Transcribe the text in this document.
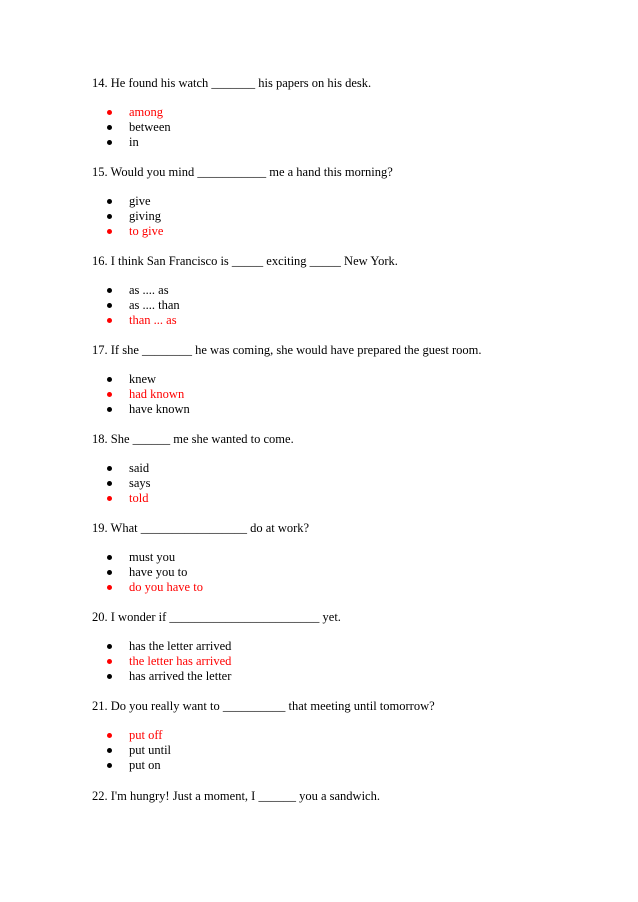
14. He found his watch _______ his papers on his desk.
among
between
in
15. Would you mind ___________ me a hand this morning?
give
giving
to give
16. I think San Francisco is _____ exciting _____ New York.
as .... as
as .... than
than ... as
17. If she ________ he was coming, she would have prepared the guest room.
knew
had known
have known
18. She ______ me she wanted to come.
said
says
told
19. What _________________ do at work?
must you
have you to
do you have to
20. I wonder if ________________________ yet.
has the letter arrived
the letter has arrived
has arrived the letter
21. Do you really want to __________ that meeting until tomorrow?
put off
put until
put on
22. I'm hungry! Just a moment, I ______ you a sandwich.
